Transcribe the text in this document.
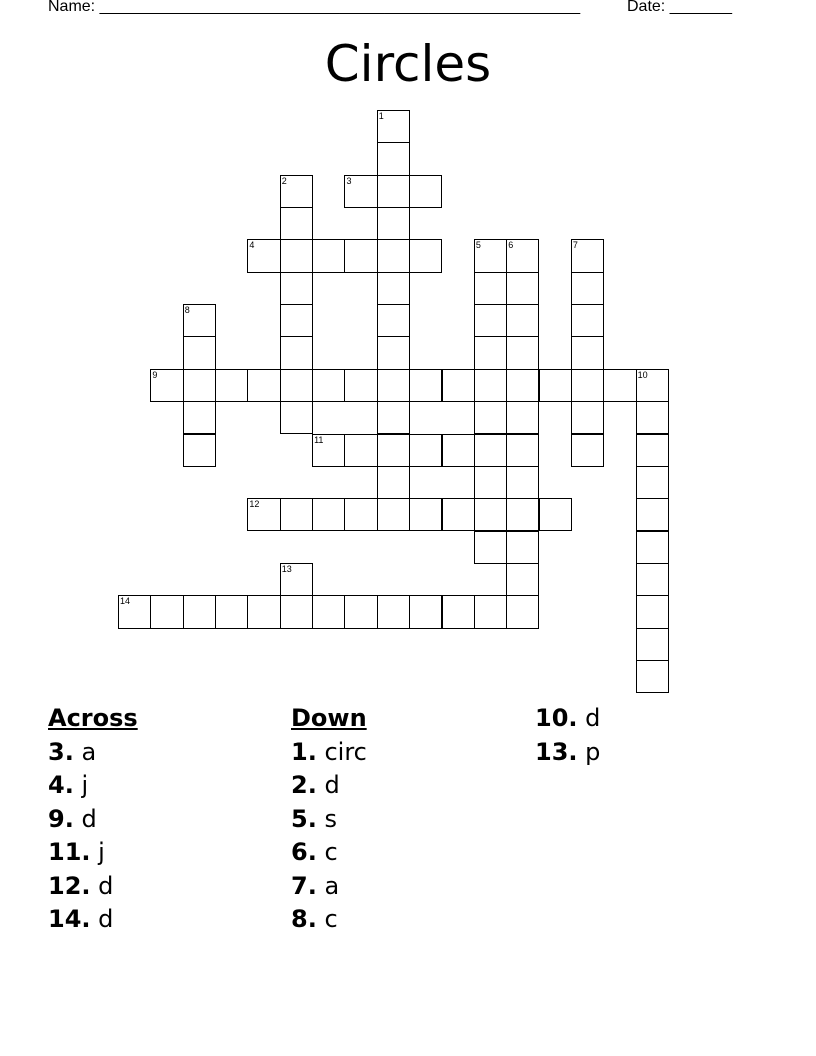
Name: ______________________________________________________	Date: _______
Circles
1
2	3
4	5	6	7
8
9	10
11
12
13
14
Across
3. a
4. j
9. d
11. j
12. d
14. d
Down
1. circ
2. d
5. s
6. c
7. a
8. c
10. d
13. p
